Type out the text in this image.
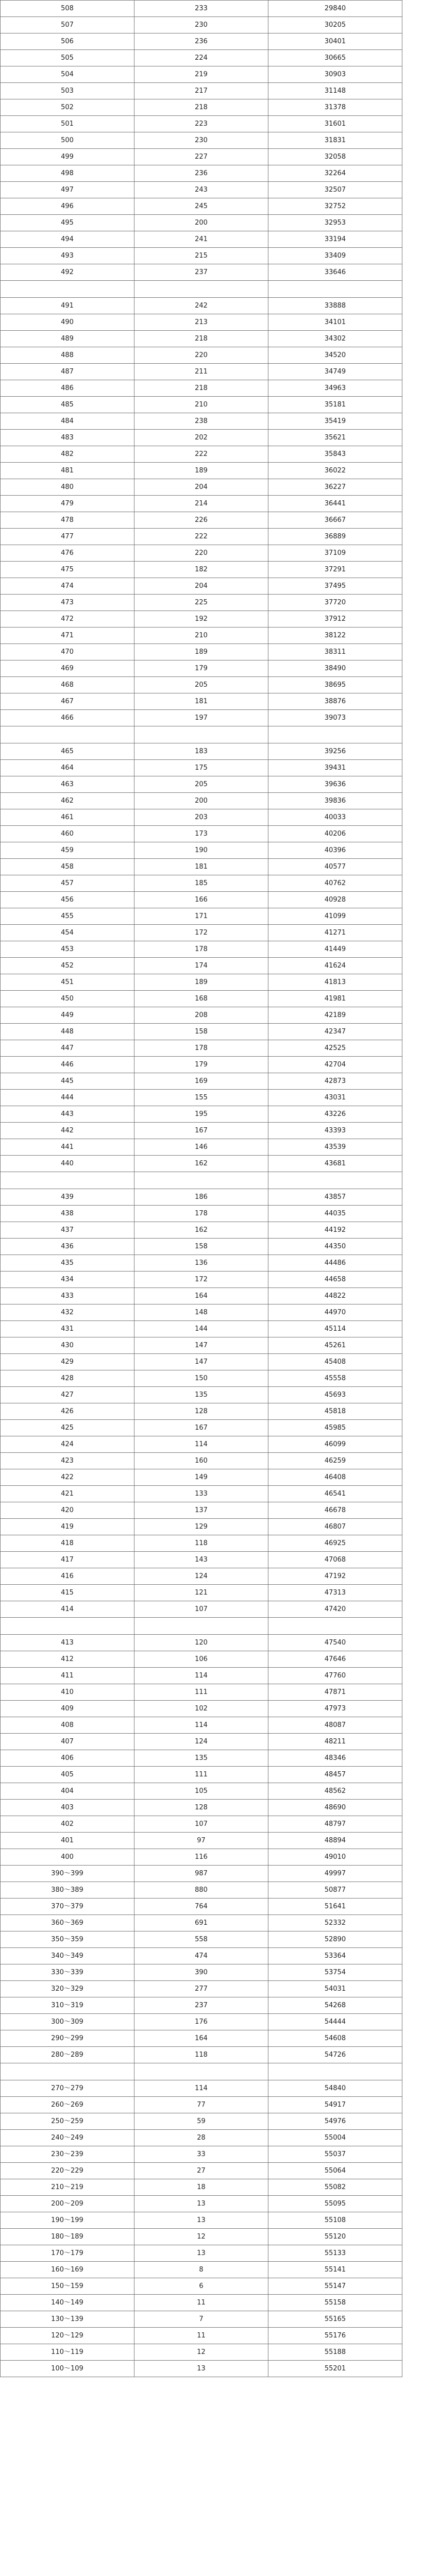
508	233	29840
507	230	30205
506	236	30401
505	224	30665
504	219	30903
503	217	31148
502	218	31378
501	223	31601
500	230	31831
499	227	32058
498	236	32264
497	243	32507
496	245	32752
495	200	32953
494	241	33194
493	215	33409
492	237	33646

491	242	33888
490	213	34101
489	218	34302
488	220	34520
487	211	34749
486	218	34963
485	210	35181
484	238	35419
483	202	35621
482	222	35843
481	189	36022
480	204	36227
479	214	36441
478	226	36667
477	222	36889
476	220	37109
475	182	37291
474	204	37495
473	225	37720
472	192	37912
471	210	38122
470	189	38311
469	179	38490
468	205	38695
467	181	38876
466	197	39073

465	183	39256
464	175	39431
463	205	39636
462	200	39836
461	203	40033
460	173	40206
459	190	40396
458	181	40577
457	185	40762
456	166	40928
455	171	41099
454	172	41271
453	178	41449
452	174	41624
451	189	41813
450	168	41981
449	208	42189
448	158	42347
447	178	42525
446	179	42704
445	169	42873
444	155	43031
443	195	43226
442	167	43393
441	146	43539
440	162	43681

439	186	43857
438	178	44035
437	162	44192
436	158	44350
435	136	44486
434	172	44658
433	164	44822
432	148	44970
431	144	45114
430	147	45261
429	147	45408
428	150	45558
427	135	45693
426	128	45818
425	167	45985
424	114	46099
423	160	46259
422	149	46408
421	133	46541
420	137	46678
419	129	46807
418	118	46925
417	143	47068
416	124	47192
415	121	47313
414	107	47420

413	120	47540
412	106	47646
411	114	47760
410	111	47871
409	102	47973
408	114	48087
407	124	48211
406	135	48346
405	111	48457
404	105	48562
403	128	48690
402	107	48797
401	97	48894
400	116	49010
390～399	987	49997
380～389	880	50877
370～379	764	51641
360～369	691	52332
350～359	558	52890
340～349	474	53364
330～339	390	53754
320～329	277	54031
310～319	237	54268
300～309	176	54444
290～299	164	54608
280～289	118	54726

270～279	114	54840
260～269	77	54917
250～259	59	54976
240～249	28	55004
230～239	33	55037
220～229	27	55064
210～219	18	55082
200～209	13	55095
190～199	13	55108
180～189	12	55120
170～179	13	55133
160～169	8	55141
150～159	6	55147
140～149	11	55158
130～139	7	55165
120～129	11	55176
110～119	12	55188
100～109	13	55201
